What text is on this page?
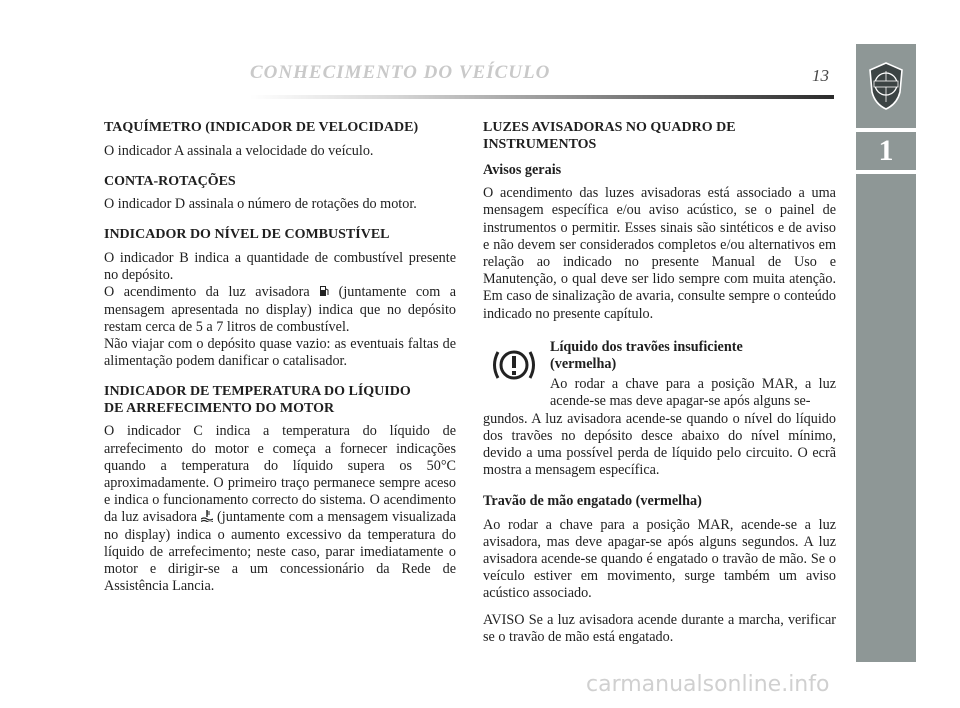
CONHECIMENTO DO VEÍCULO	13
1
TAQUÍMETRO (INDICADOR DE VELOCIDADE)
O indicador A assinala a velocidade do veículo.
CONTA-ROTAÇÕES
O indicador D assinala o número de rotações do motor.
INDICADOR DO NÍVEL DE COMBUSTÍVEL
O indicador B indica a quantidade de combustível presente no depósito.
O acendimento da luz avisadora  (juntamente com a mensagem apresentada no display) indica que no depósito restam cerca de 5 a 7 litros de combustível.
Não viajar com o depósito quase vazio: as eventuais faltas de alimentação podem danificar o catalisador.
INDICADOR DE TEMPERATURA DO LÍQUIDO
DE ARREFECIMENTO DO MOTOR
O indicador C indica a temperatura do líquido de arrefecimento do motor e começa a fornecer indicações quando a temperatura do líquido supera os 50°C aproximadamente. O primeiro traço permanece sempre aceso e indica o funcionamento correcto do sistema. O acendimento da luz avisadora  (juntamente com a mensagem visualizada no display) indica o aumento excessivo da temperatura do líquido de arrefecimento; neste caso, parar imediatamente o motor e dirigir-se a um concessionário da Rede de Assistência Lancia.
LUZES AVISADORAS NO QUADRO DE
INSTRUMENTOS
Avisos gerais
O acendimento das luzes avisadoras está associado a uma mensagem específica e/ou aviso acústico, se o painel de instrumentos o permitir. Esses sinais são sintéticos e de aviso e não devem ser considerados completos e/ou alternativos em relação ao indicado no presente Manual de Uso e Manutenção, o qual deve ser lido sempre com muita atenção. Em caso de sinalização de avaria, consulte sempre o conteúdo indicado no presente capítulo.
Líquido dos travões insuficiente
(vermelha)
Ao rodar a chave para a posição MAR, a luz acende-se mas deve apagar-se após alguns se-
gundos. A luz avisadora acende-se quando o nível do líquido dos travões no depósito desce abaixo do nível mínimo, devido a uma possível perda de líquido pelo circuito. O ecrã mostra a mensagem específica.
Travão de mão engatado (vermelha)
Ao rodar a chave para a posição MAR, acende-se a luz avisadora, mas deve apagar-se após alguns segundos. A luz avisadora acende-se quando é engatado o travão de mão. Se o veículo estiver em movimento, surge também um aviso acústico associado.
AVISO Se a luz avisadora acende durante a marcha, verificar se o travão de mão está engatado.
carmanualsonline.info
